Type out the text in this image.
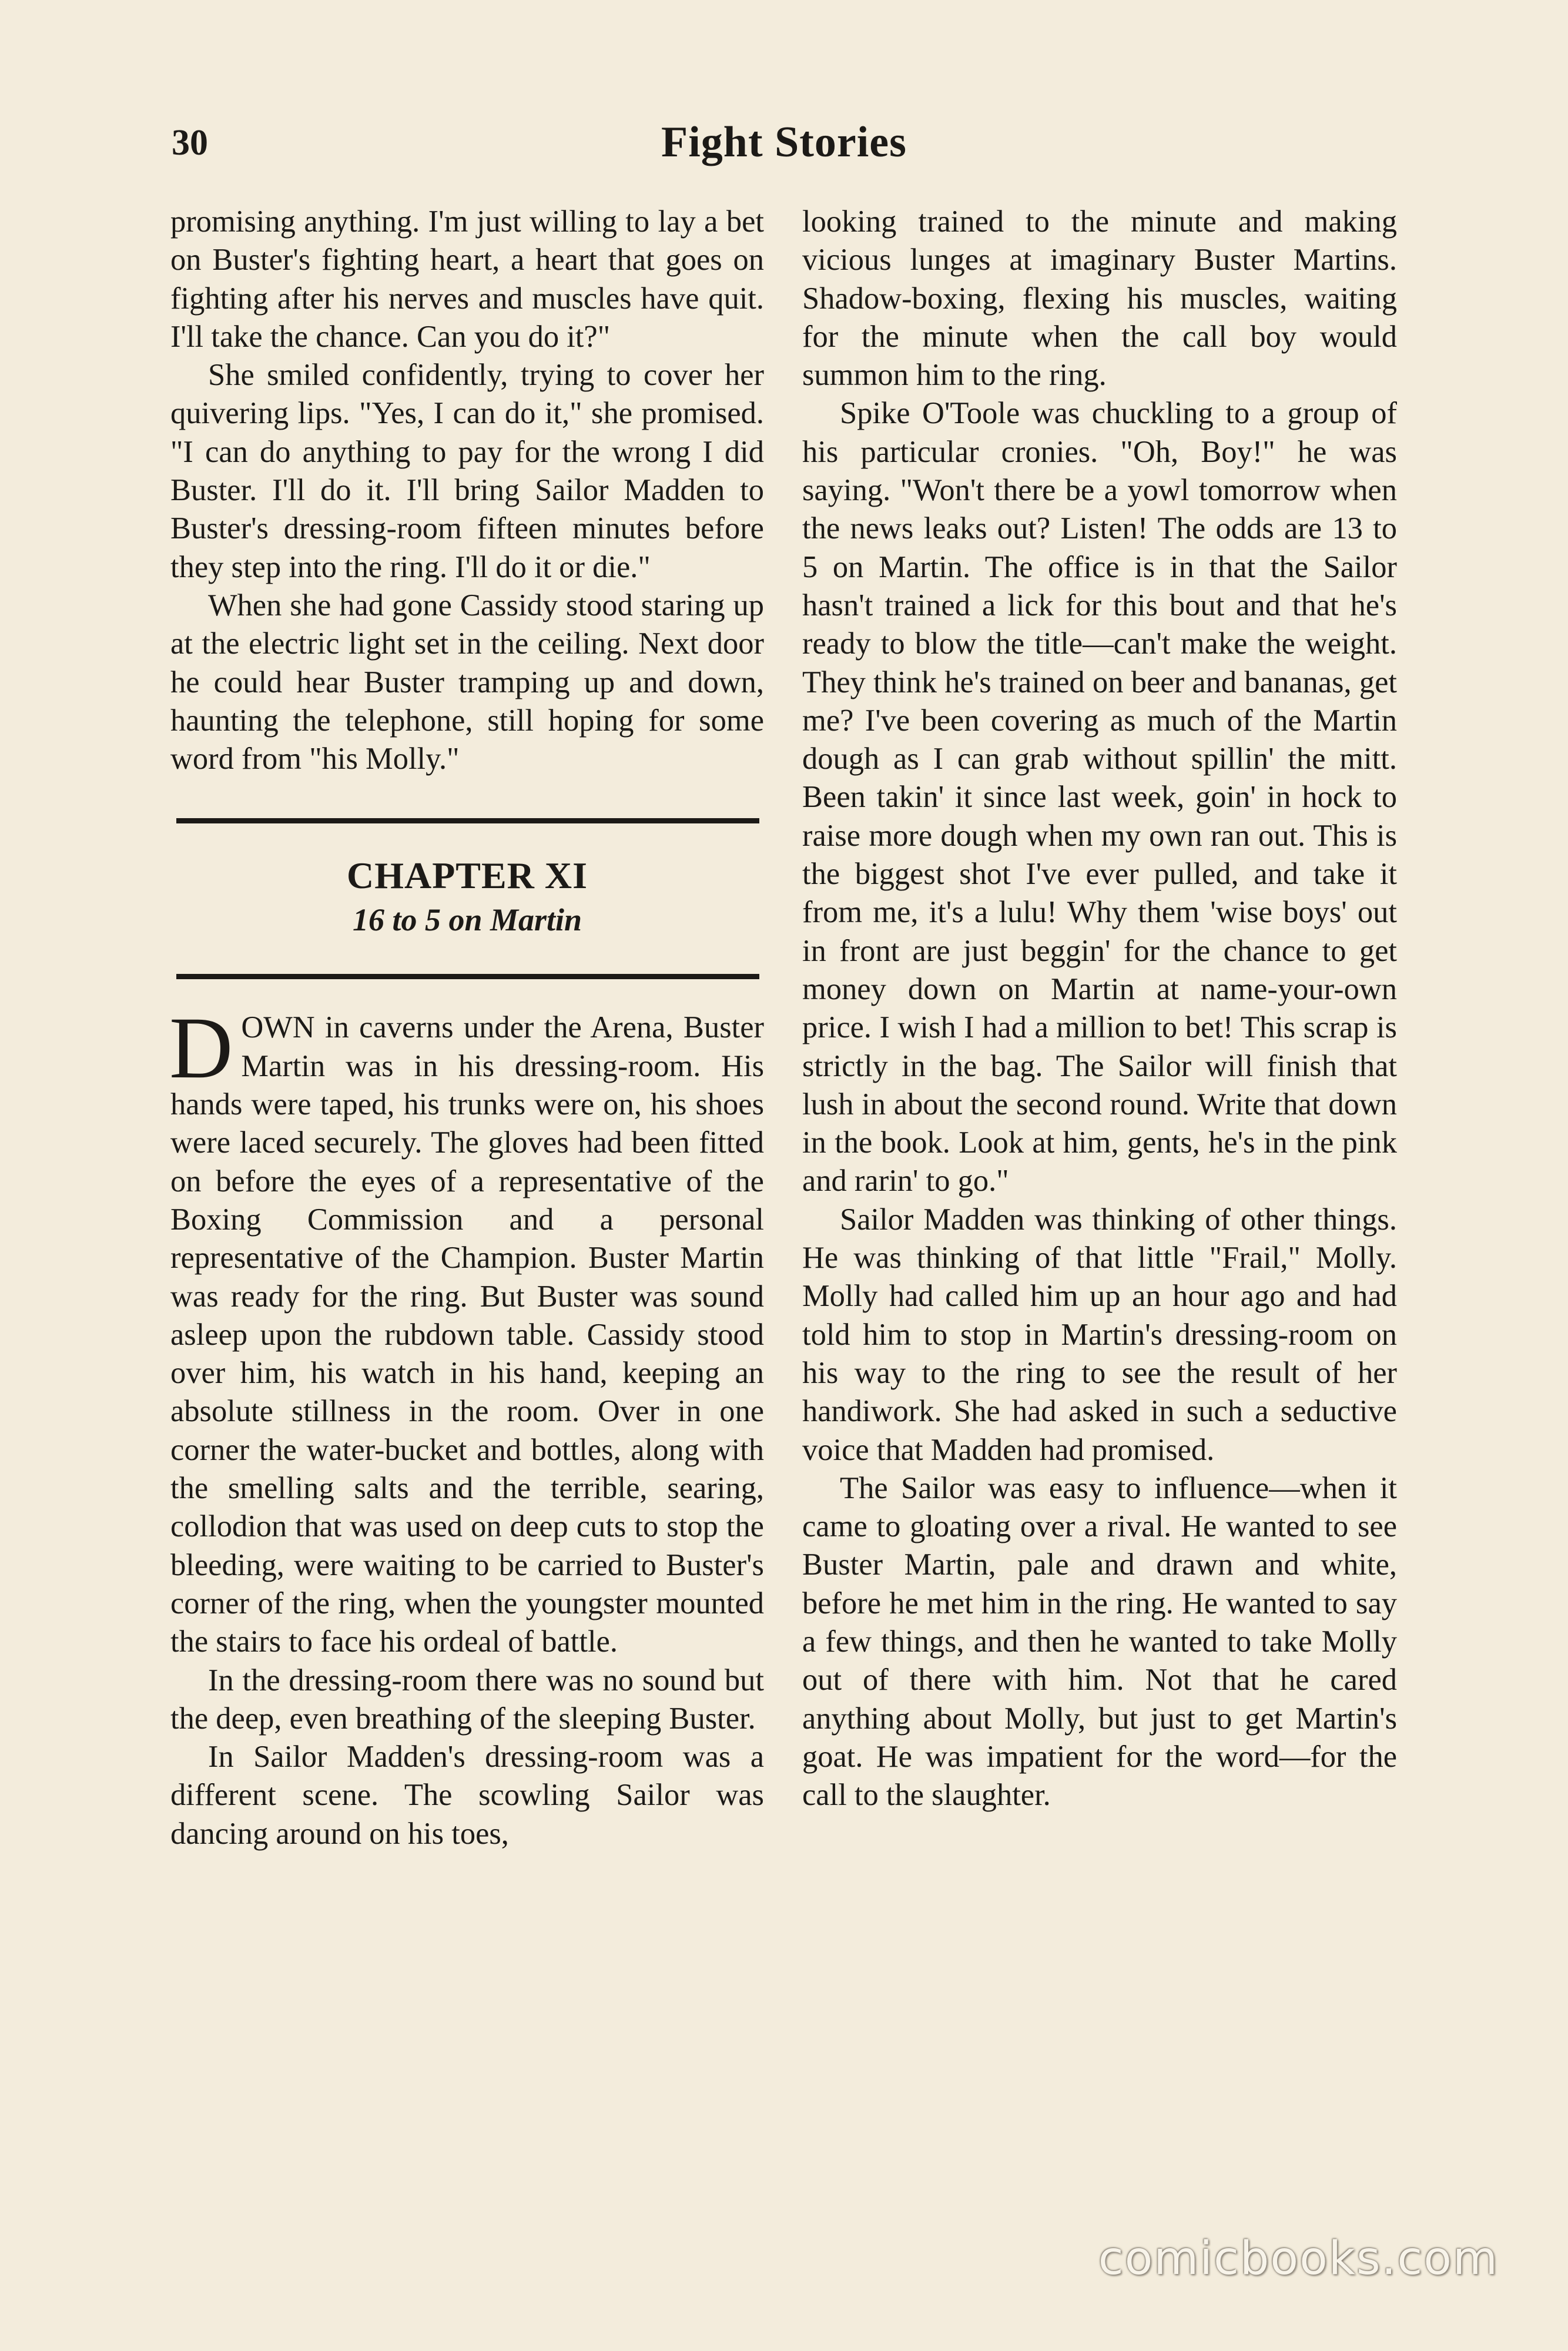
30	Fight Stories

promising anything. I'm just willing to lay a bet on Buster's fighting heart, a heart that goes on fighting after his nerves and muscles have quit. I'll take the chance. Can you do it?"

She smiled confidently, trying to cover her quivering lips. "Yes, I can do it," she promised. "I can do anything to pay for the wrong I did Buster. I'll do it. I'll bring Sailor Madden to Buster's dressing-room fifteen minutes before they step into the ring. I'll do it or die."

When she had gone Cassidy stood staring up at the electric light set in the ceiling. Next door he could hear Buster tramping up and down, haunting the telephone, still hoping for some word from "his Molly."

CHAPTER XI
16 to 5 on Martin

DOWN in caverns under the Arena, Buster Martin was in his dressing-room. His hands were taped, his trunks were on, his shoes were laced securely. The gloves had been fitted on before the eyes of a representative of the Boxing Commission and a personal representative of the Champion. Buster Martin was ready for the ring. But Buster was sound asleep upon the rubdown table. Cassidy stood over him, his watch in his hand, keeping an absolute stillness in the room. Over in one corner the water-bucket and bottles, along with the smelling salts and the terrible, searing, collodion that was used on deep cuts to stop the bleeding, were waiting to be carried to Buster's corner of the ring, when the youngster mounted the stairs to face his ordeal of battle.

In the dressing-room there was no sound but the deep, even breathing of the sleeping Buster.

In Sailor Madden's dressing-room was a different scene. The scowling Sailor was dancing around on his toes,

looking trained to the minute and making vicious lunges at imaginary Buster Martins. Shadow-boxing, flexing his muscles, waiting for the minute when the call boy would summon him to the ring.

Spike O'Toole was chuckling to a group of his particular cronies. "Oh, Boy!" he was saying. "Won't there be a yowl tomorrow when the news leaks out? Listen! The odds are 13 to 5 on Martin. The office is in that the Sailor hasn't trained a lick for this bout and that he's ready to blow the title—can't make the weight. They think he's trained on beer and bananas, get me? I've been covering as much of the Martin dough as I can grab without spillin' the mitt. Been takin' it since last week, goin' in hock to raise more dough when my own ran out. This is the biggest shot I've ever pulled, and take it from me, it's a lulu! Why them 'wise boys' out in front are just beggin' for the chance to get money down on Martin at name-your-own price. I wish I had a million to bet! This scrap is strictly in the bag. The Sailor will finish that lush in about the second round. Write that down in the book. Look at him, gents, he's in the pink and rarin' to go."

Sailor Madden was thinking of other things. He was thinking of that little "Frail," Molly. Molly had called him up an hour ago and had told him to stop in Martin's dressing-room on his way to the ring to see the result of her handiwork. She had asked in such a seductive voice that Madden had promised.

The Sailor was easy to influence—when it came to gloating over a rival. He wanted to see Buster Martin, pale and drawn and white, before he met him in the ring. He wanted to say a few things, and then he wanted to take Molly out of there with him. Not that he cared anything about Molly, but just to get Martin's goat. He was impatient for the word—for the call to the slaughter.

comicbooks.com
